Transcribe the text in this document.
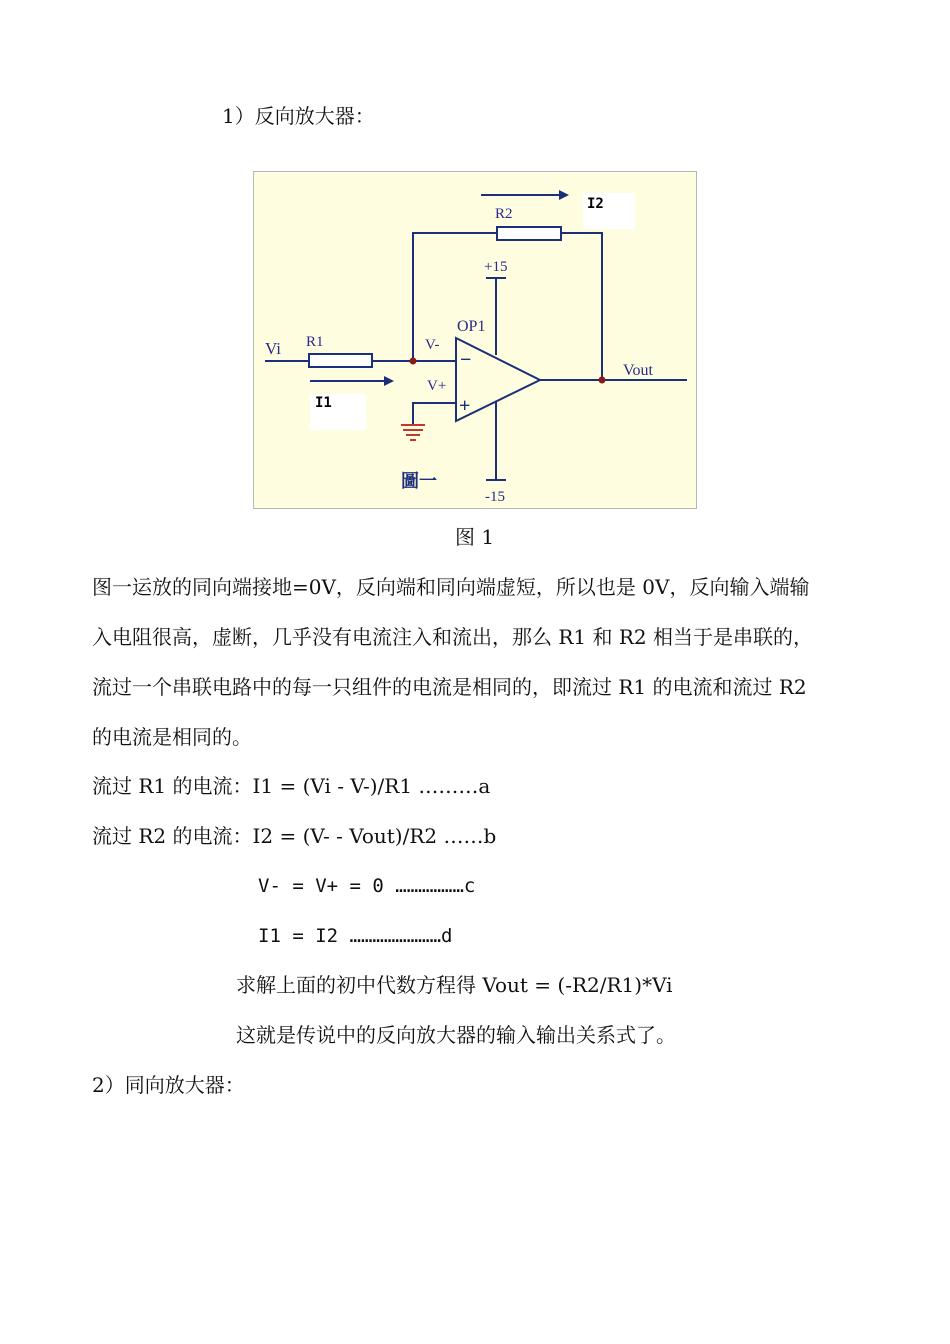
1）反向放大器：
I2
R2
+15
OP1
−
+
Vi R1	V-
I1
V+
Vout
-15
圖一
图 1
图一运放的同向端接地=0V，反向端和同向端虚短，所以也是 0V，反向输入端输
入电阻很高，虚断，几乎没有电流注入和流出，那么 R1 和 R2 相当于是串联的，
流过一个串联电路中的每一只组件的电流是相同的，即流过 R1 的电流和流过 R2
的电流是相同的。
流过 R1 的电流：I1 = (Vi - V-)/R1 ………a
流过 R2 的电流：I2 = (V- - Vout)/R2 ……b
V- = V+ = 0 ………………c
I1 = I2 ……………………d
求解上面的初中代数方程得 Vout = (-R2/R1)*Vi
这就是传说中的反向放大器的输入输出关系式了。
2）同向放大器：
